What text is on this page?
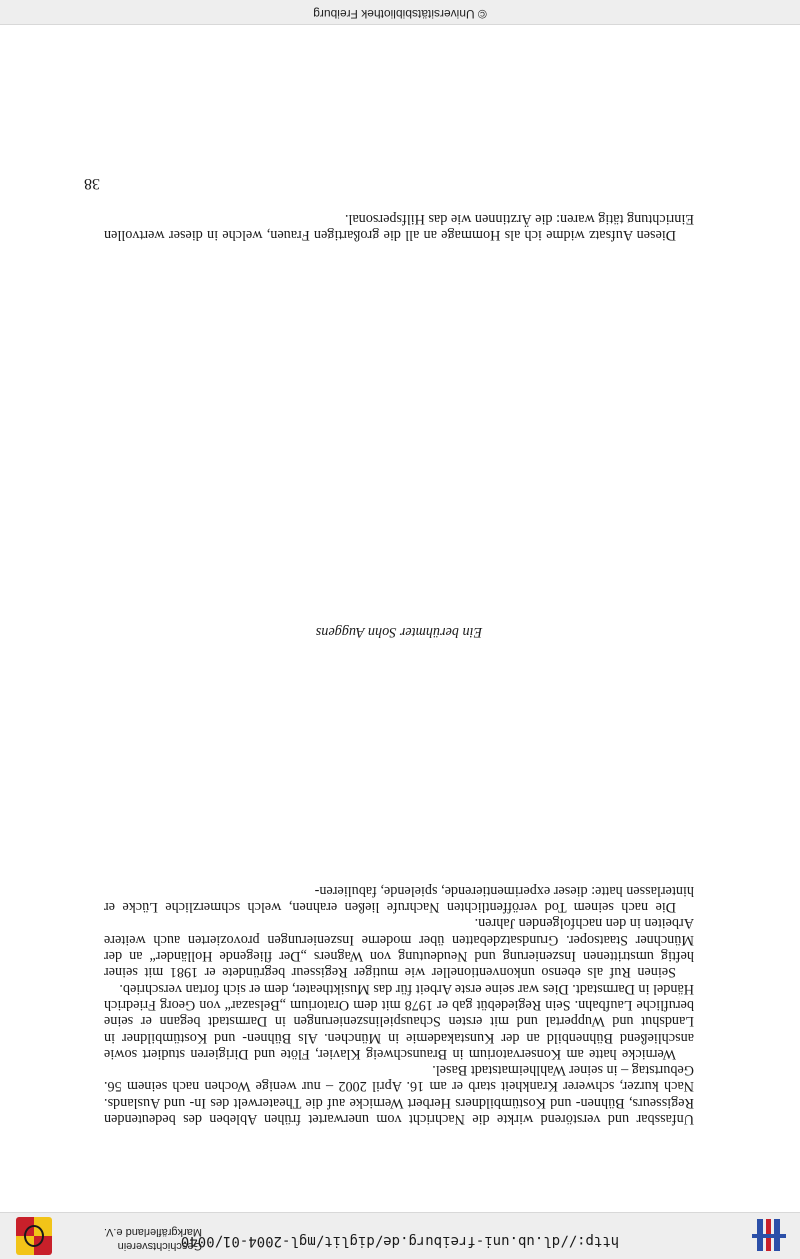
http://dl.ub.uni-freiburg.de/diglit/mgl-2004-01/0040
Geschichtsverein
Markgräflerland e.V.
38

Diesen Aufsatz widme ich als Hommage an all die großartigen Frauen, welche in dieser wertvollen Einrichtung tätig waren: die Ärztinnen wie das Hilfspersonal.

Ein berühmter Sohn Auggens

Unfassbar und verstörend wirkte die Nachricht vom unerwartet frühen Ableben des bedeutenden Regisseurs, Bühnen- und Kostümbildners Herbert Wernicke auf die Theaterwelt des In- und Auslands. Nach kurzer, schwerer Krankheit starb er am 16. April 2002 – nur wenige Wochen nach seinem 56. Geburtstag – in seiner Wahlheimatstadt Basel.

Wernicke hatte am Konservatorium in Braunschweig Klavier, Flöte und Dirigieren studiert sowie anschließend Bühnenbild an der Kunstakademie in München. Als Bühnen- und Kostümbildner in Landshut und Wuppertal und mit ersten Schauspielinszenierungen in Darmstadt begann er seine berufliche Laufbahn. Sein Regiedebüt gab er 1978 mit dem Oratorium „Belsazar“ von Georg Friedrich Händel in Darmstadt. Dies war seine erste Arbeit für das Musiktheater, dem er sich fortan verschrieb.

Seinen Ruf als ebenso unkonventioneller wie mutiger Regisseur begründete er 1981 mit seiner heftig umstrittenen Inszenierung und Neudeutung von Wagners „Der fliegende Holländer“ an der Münchner Staatsoper. Grundsatzdebatten über moderne Inszenierungen provozierten auch weitere Arbeiten in den nachfolgenden Jahren.

Die nach seinem Tod veröffentlichten Nachrufe ließen erahnen, welch schmerzliche Lücke er hinterlassen hatte: dieser experimentierende, spielende, fabulieren-

© Universitätsbibliothek Freiburg
